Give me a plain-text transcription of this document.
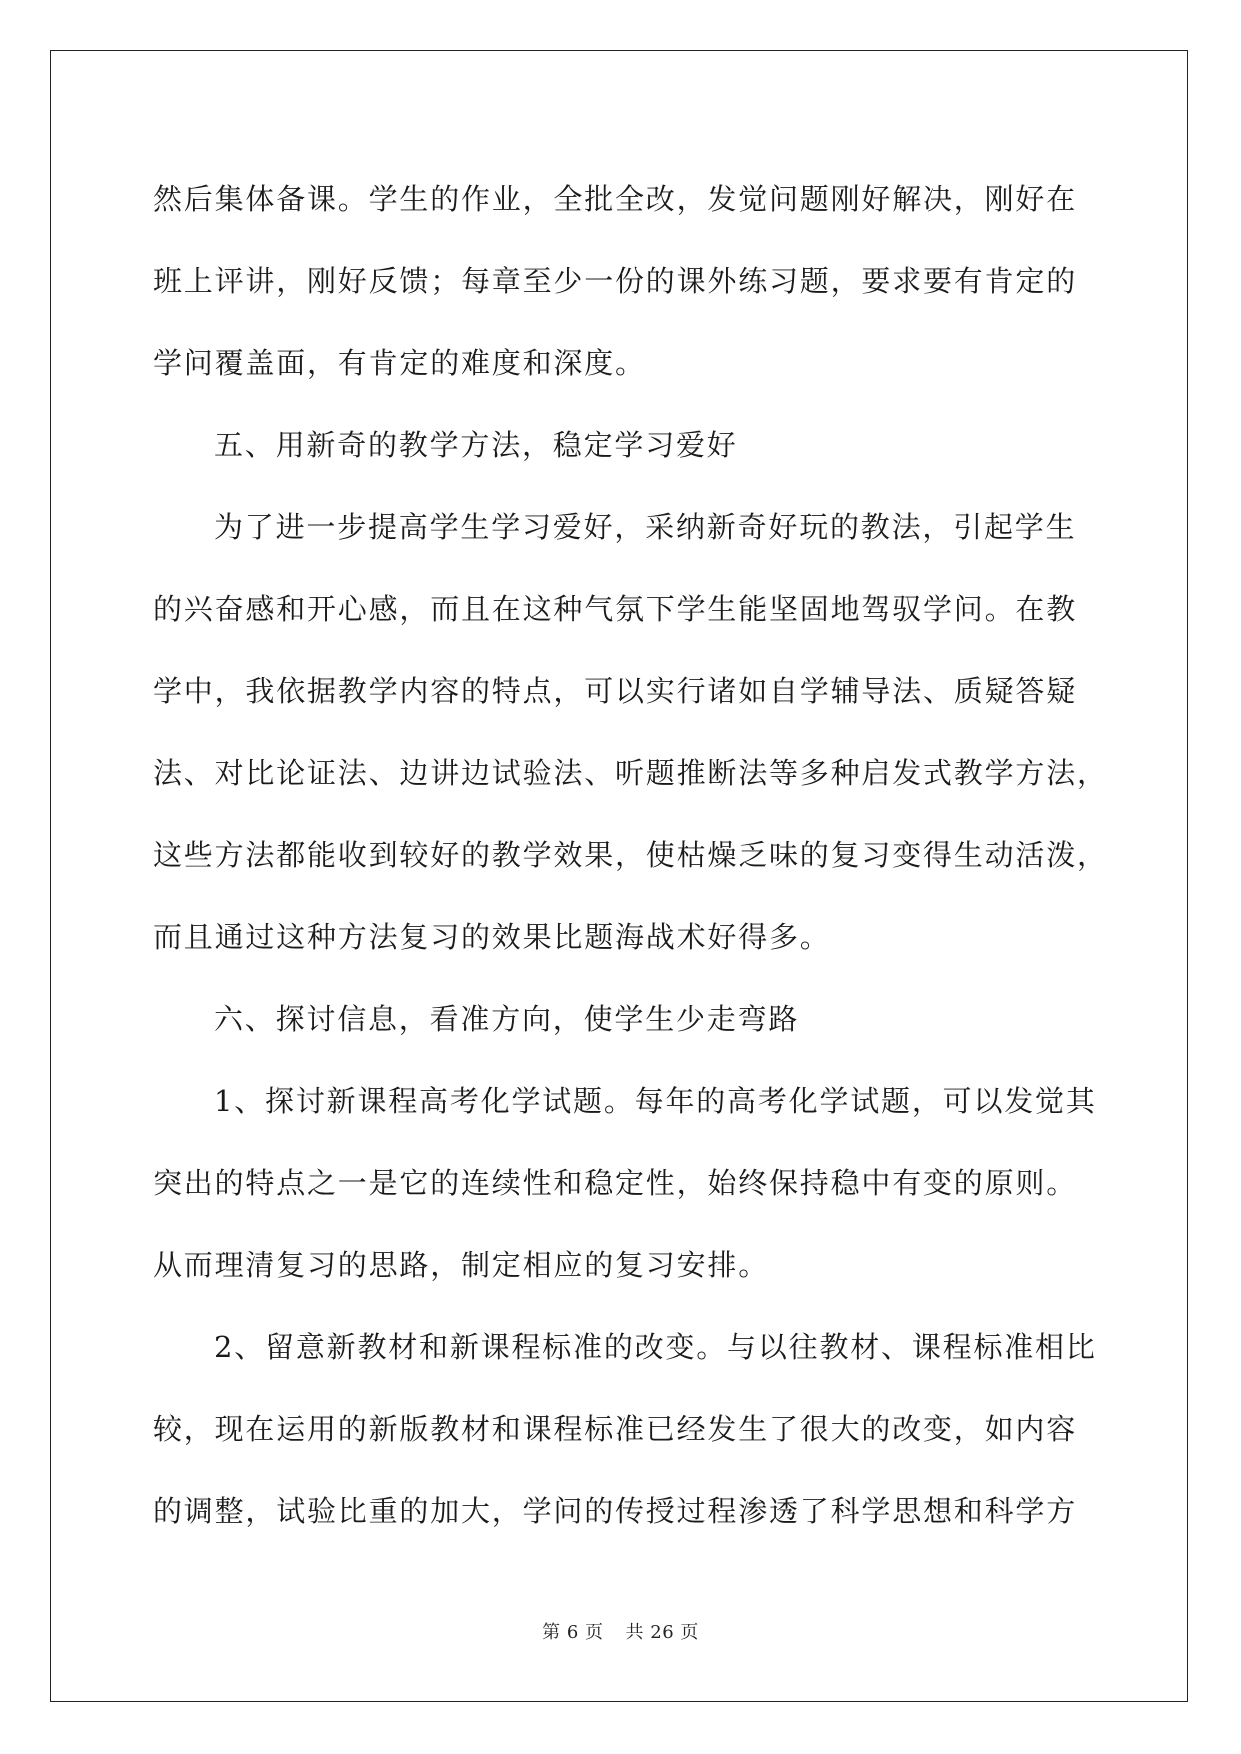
然后集体备课。学生的作业，全批全改，发觉问题刚好解决，刚好在
班上评讲，刚好反馈；每章至少一份的课外练习题，要求要有肯定的
学问覆盖面，有肯定的难度和深度。
五、用新奇的教学方法，稳定学习爱好
为了进一步提高学生学习爱好，采纳新奇好玩的教法，引起学生
的兴奋感和开心感，而且在这种气氛下学生能坚固地驾驭学问。在教
学中，我依据教学内容的特点，可以实行诸如自学辅导法、质疑答疑
法、对比论证法、边讲边试验法、听题推断法等多种启发式教学方法，
这些方法都能收到较好的教学效果，使枯燥乏味的复习变得生动活泼，
而且通过这种方法复习的效果比题海战术好得多。
六、探讨信息，看准方向，使学生少走弯路
1、探讨新课程高考化学试题。每年的高考化学试题，可以发觉其
突出的特点之一是它的连续性和稳定性，始终保持稳中有变的原则。
从而理清复习的思路，制定相应的复习安排。
2、留意新教材和新课程标准的改变。与以往教材、课程标准相比
较，现在运用的新版教材和课程标准已经发生了很大的改变，如内容
的调整，试验比重的加大，学问的传授过程渗透了科学思想和科学方
第 6 页 共 26 页
